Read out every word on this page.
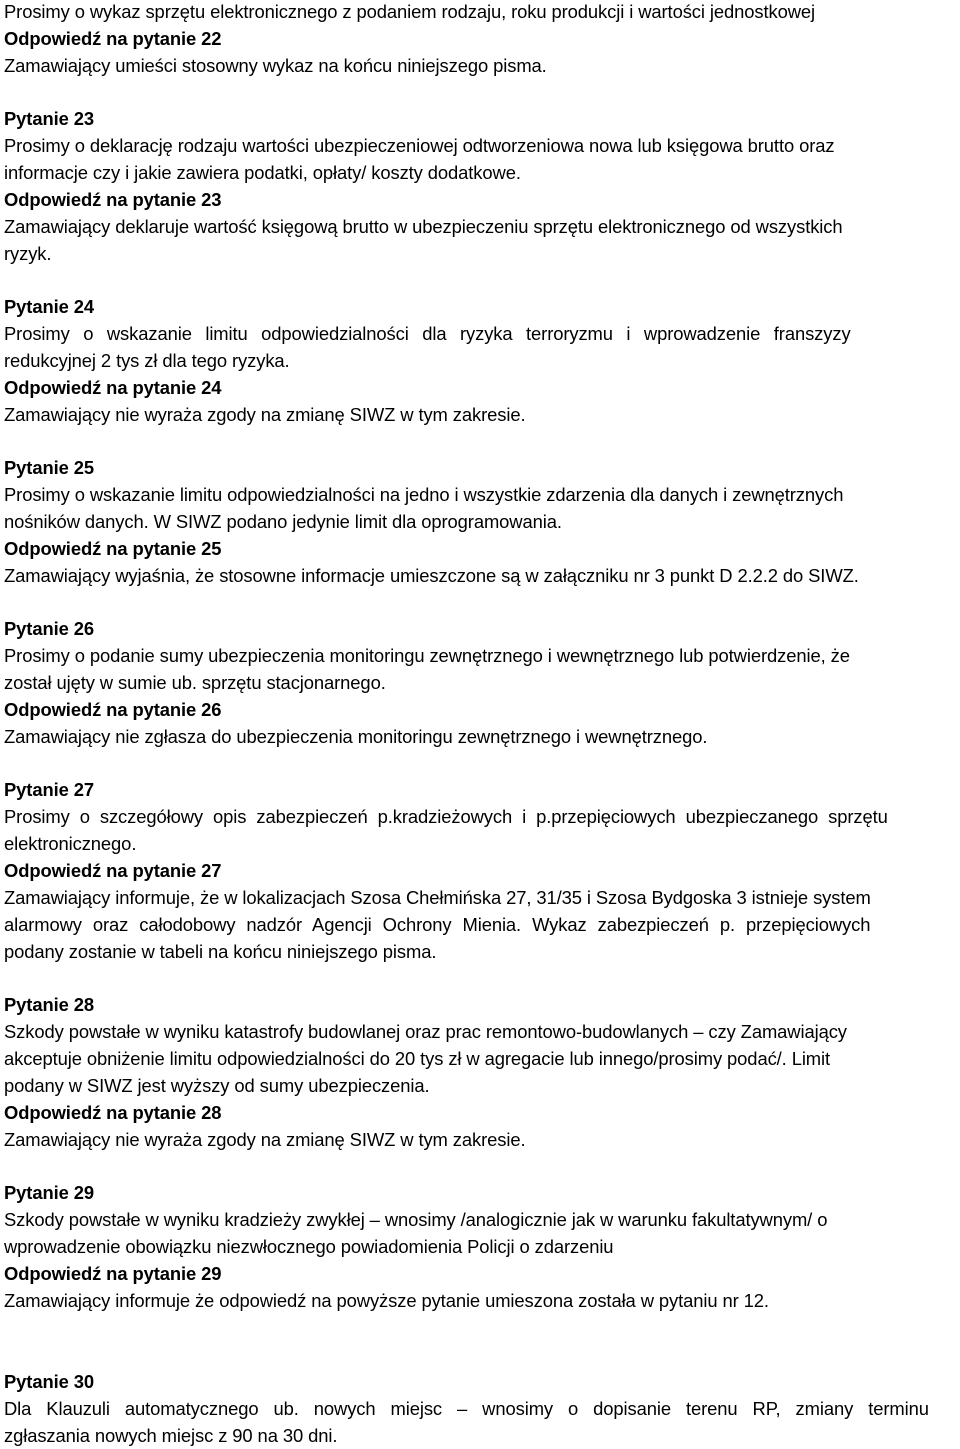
Prosimy o wykaz sprzętu elektronicznego z podaniem rodzaju, roku produkcji i wartości jednostkowej
Odpowiedź na pytanie 22
Zamawiający umieści stosowny wykaz na końcu niniejszego pisma.
Pytanie 23
Prosimy o deklarację rodzaju wartości ubezpieczeniowej odtworzeniowa nowa lub księgowa brutto oraz
informacje czy i jakie zawiera podatki, opłaty/ koszty dodatkowe.
Odpowiedź na pytanie 23
Zamawiający deklaruje wartość księgową brutto w ubezpieczeniu sprzętu elektronicznego od wszystkich
ryzyk.
Pytanie 24
Prosimy o wskazanie limitu odpowiedzialności dla ryzyka terroryzmu i wprowadzenie franszyzy
redukcyjnej 2 tys zł dla tego ryzyka.
Odpowiedź na pytanie 24
Zamawiający nie wyraża zgody na zmianę SIWZ w tym zakresie.
Pytanie 25
Prosimy o wskazanie limitu odpowiedzialności na jedno i wszystkie zdarzenia dla danych i zewnętrznych
nośników danych. W SIWZ podano jedynie limit dla oprogramowania.
Odpowiedź na pytanie 25
Zamawiający wyjaśnia, że stosowne informacje umieszczone są w załączniku nr 3 punkt D 2.2.2 do SIWZ.
Pytanie 26
Prosimy o podanie sumy ubezpieczenia monitoringu zewnętrznego i wewnętrznego lub potwierdzenie, że
został ujęty w sumie ub. sprzętu stacjonarnego.
Odpowiedź na pytanie 26
Zamawiający nie zgłasza do ubezpieczenia monitoringu zewnętrznego i wewnętrznego.
Pytanie 27
Prosimy o szczegółowy opis zabezpieczeń p.kradzieżowych i p.przepięciowych ubezpieczanego sprzętu
elektronicznego.
Odpowiedź na pytanie 27
Zamawiający informuje, że w lokalizacjach Szosa Chełmińska 27, 31/35 i Szosa Bydgoska 3 istnieje system
alarmowy oraz całodobowy nadzór Agencji Ochrony Mienia. Wykaz zabezpieczeń p. przepięciowych
podany zostanie w tabeli na końcu niniejszego pisma.
Pytanie 28
Szkody powstałe w wyniku katastrofy budowlanej oraz prac remontowo-budowlanych – czy Zamawiający
akceptuje obniżenie limitu odpowiedzialności do 20 tys zł w agregacie lub innego/prosimy podać/. Limit
podany w SIWZ jest wyższy od sumy ubezpieczenia.
Odpowiedź na pytanie 28
Zamawiający nie wyraża zgody na zmianę SIWZ w tym zakresie.
Pytanie 29
Szkody powstałe w wyniku kradzieży zwykłej – wnosimy /analogicznie jak w warunku fakultatywnym/ o
wprowadzenie obowiązku niezwłocznego powiadomienia Policji o zdarzeniu
Odpowiedź na pytanie 29
Zamawiający informuje że odpowiedź na powyższe pytanie umieszona została w pytaniu nr 12.
Pytanie 30
Dla Klauzuli automatycznego ub. nowych miejsc – wnosimy o dopisanie terenu RP, zmiany terminu
zgłaszania nowych miejsc z 90 na 30 dni.
